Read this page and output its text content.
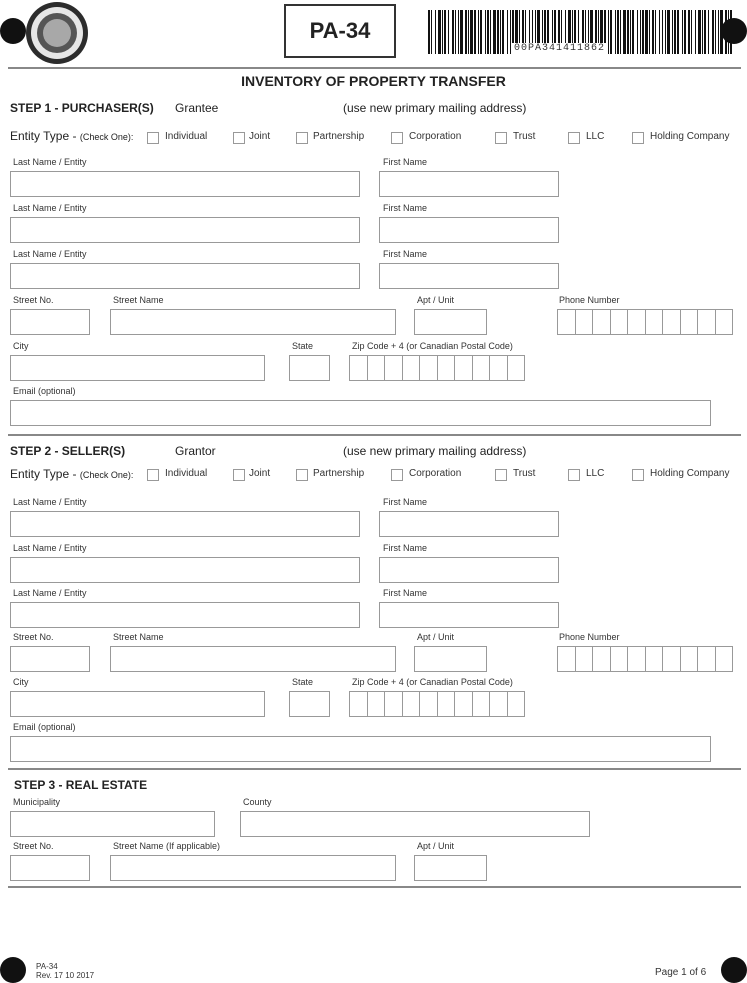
PA-34
00PA341411862
INVENTORY OF PROPERTY TRANSFER
STEP 1 - PURCHASER(S) Grantee	(use new primary mailing address)
Entity Type - (Check One):	Individual	Joint	Partnership	Corporation	Trust	LLC	Holding Company
Last Name / Entity	First Name
Last Name / Entity	First Name
Last Name / Entity	First Name
Street No.	Street Name	Apt / Unit	Phone Number
City	State	Zip Code + 4 (or Canadian Postal Code)
Email (optional)
STEP 2 - SELLER(S)	Grantor	(use new primary mailing address)
Entity Type - (Check One):	Individual	Joint	Partnership	Corporation	Trust	LLC	Holding Company
Last Name / Entity	First Name
Last Name / Entity	First Name
Last Name / Entity	First Name
Street No.	Street Name	Apt / Unit	Phone Number
City	State	Zip Code + 4 (or Canadian Postal Code)
Email (optional)
STEP 3 - REAL ESTATE
Municipality	County
Street No.	Street Name (If applicable)	Apt / Unit
PA-34
Rev. 17 10 2017	Page 1 of 6
